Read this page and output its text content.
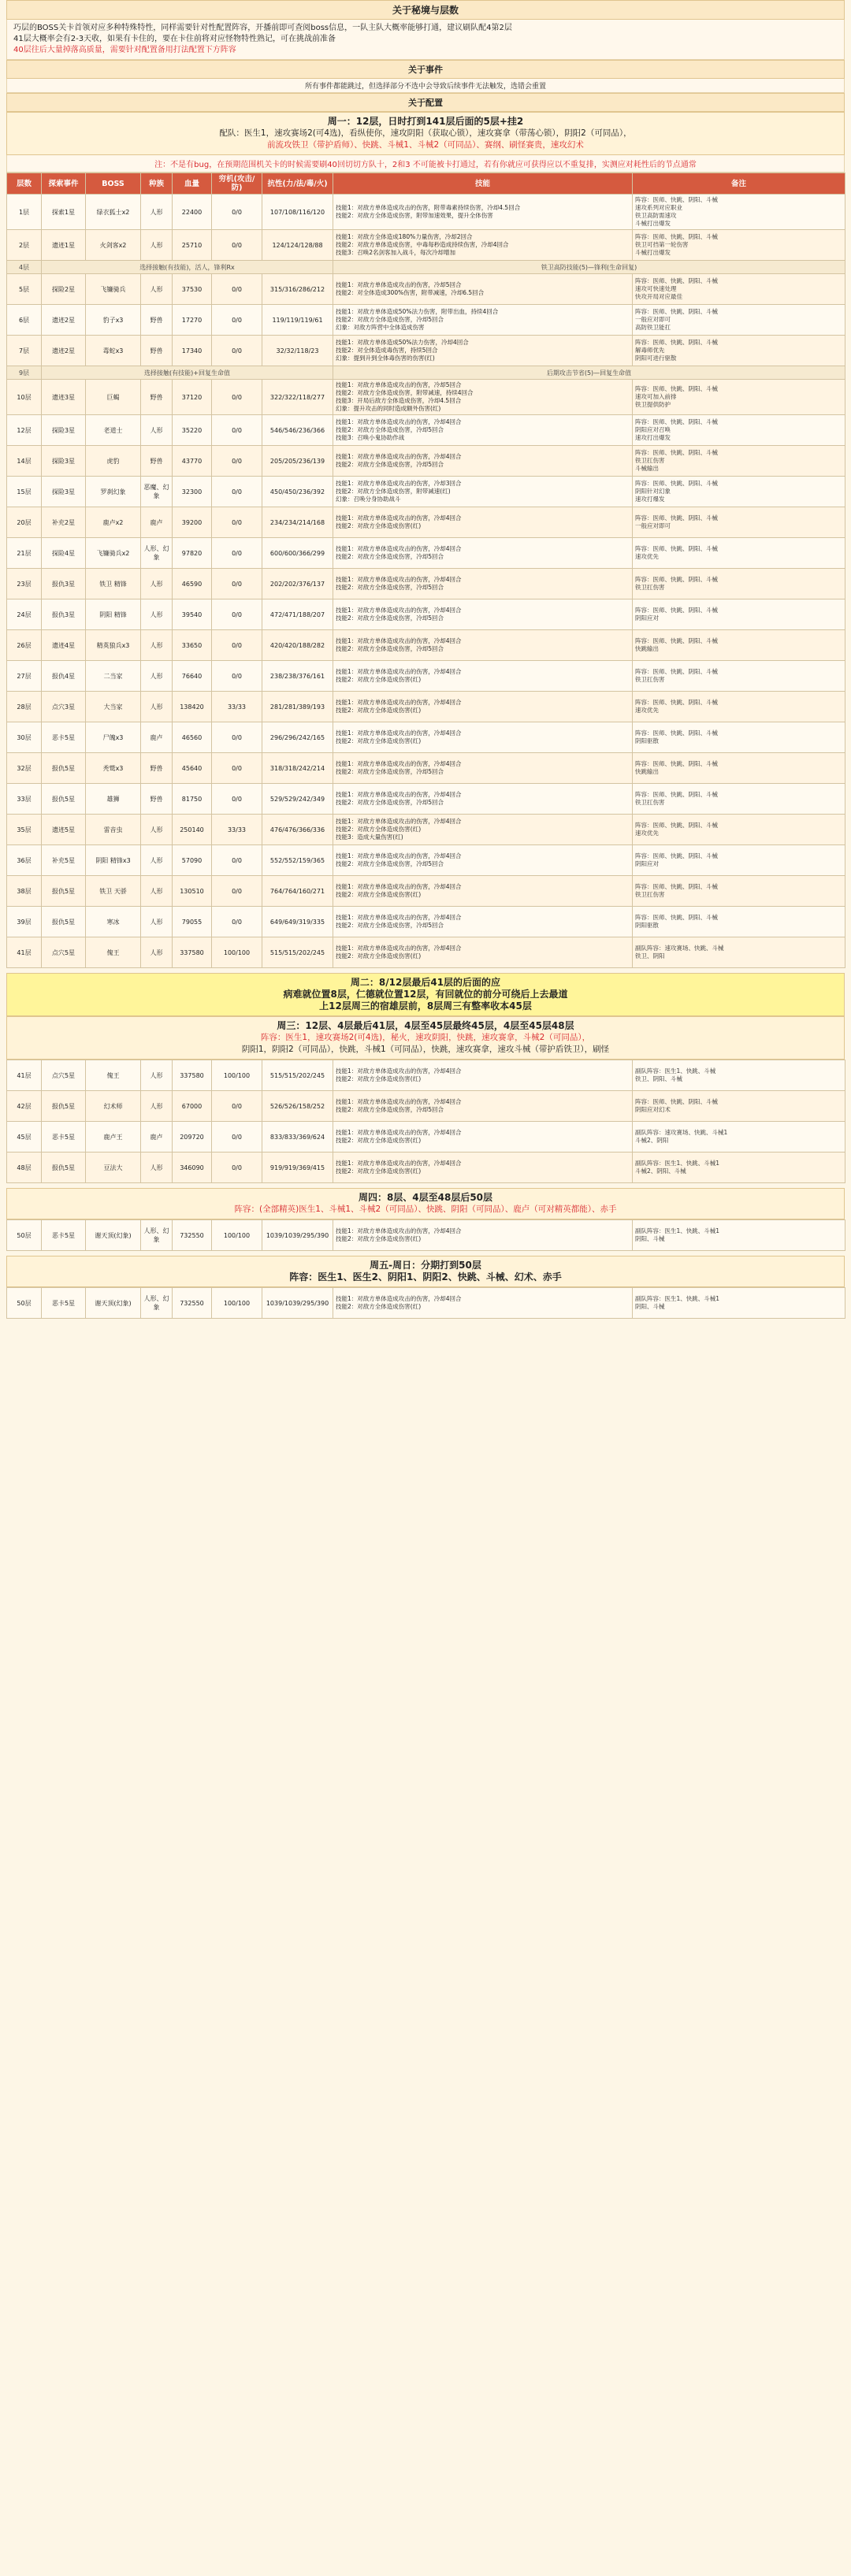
关于秘境与层数
巧层的BOSS关卡首领对应多种特殊特性，同样需要针对性配置阵容，开播前即可查阅boss信息，一队主队大概率能够打通，建议刷队配4第2层
41层大概率会有2-3天收，如果有卡住的，要在卡住前将对应怪物特性熟记，可在挑战前准备
40层往后大量掉落高质量，需要针对配置备用打法配置下方阵容
关于事件
所有事件都能跳过，但选择部分不选中会导致后续事件无法触发，选错会重置
关于配置
周一：12层，日时打到141层后面的5层+挂2
配队：医生1，速攻赛场2(可4选)，看纵使你，速攻阴阳（获取心锁），速攻赛拿（带荡心锁），阴阳2（可同品），
前流攻铁卫（带护盾师）、快跳、斗械1、斗械2（可同品）、赛纲、刷怪赛贵，速攻幻术
注：不是有bug，在预期范围机关卡的时候需要刷40回切切方队十，2和3 不可能被卡打通过，若有你就应可获得应以不重复排，实测应对耗性后的节点通常
层数	探索事件	BOSS	种族	血量	穷机(攻击/防)	抗性(力/法/毒/火)	技能	备注
1层	探索1星	绿衣狐士x2	人形	22400	0/0	107/108/116/120	技能1：对敌方单体造成攻击的伤害，附带毒素持续伤害，冷却4.5回合
技能2：对敌方全体造成伤害，附带加速效果，提升全体伤害	阵容：医师、快跳、阴阳、斗械
速攻系列对应职业
铁卫高防需速攻
斗械打出爆发
2层	遗迹1星	火剑客x2	人形	25710	0/0	124/124/128/88	技能1：对敌方全体造成180%力量伤害，冷却2回合
技能2：对敌方单体造成伤害，中毒每秒造成持续伤害，冷却4回合
技能3：召唤2名剑客加入战斗，每次冷却增加	阵容：医师、快跳、阴阳、斗械
铁卫可挡第一轮伤害
斗械打出爆发
4层	选择接触(有技能)，活人，锋利Rx						铁卫高防技能(5)—锋利(生命回复)	
5层	探险2星	飞镰骑兵	人形	37530	0/0	315/316/286/212	技能1：对敌方单体造成攻击的伤害，冷却5回合
技能2：对全体造成300%伤害，附带减速，冷却6.5回合	阵容：医师、快跳、阴阳、斗械
速攻可快速处理
快攻开局对应最佳
6层	遗迹2星	豹子x3	野兽	17270	0/0	119/119/119/61	技能1：对敌方单体造成50%法力伤害，附带出血，持续4回合
技能2：对敌方全体造成伤害，冷却5回合
幻象：对敌方阵营中全体造成伤害	阵容：医师、快跳、阴阳、斗械
一般应对即可
高防铁卫能扛
7层	遗迹2星	毒蛇x3	野兽	17340	0/0	32/32/118/23	技能1：对敌方单体造成50%法力伤害，冷却4回合
技能2：对全体造成毒伤害，持续5回合
幻象：提到升到全体毒伤害的伤害(红)	阵容：医师、快跳、阴阳、斗械
解毒师优先
阴阳可进行驱散
9层	选择接触(有技能)+回复生命值						后期攻击节省(5)—回复生命值	
10层	遗迹3星	巨蝎	野兽	37120	0/0	322/322/118/277	技能1：对敌方单体造成攻击的伤害，冷却5回合
技能2：对敌方全体造成伤害，附带减速，持续4回合
技能3：开局后敌方全体造成伤害，冷却4.5回合
幻象：提升攻击的同时造成额外伤害(红)	阵容：医师、快跳、阴阳、斗械
速攻可加入前排
铁卫提供防护
12层	探险3星	老道士	人形	35220	0/0	546/546/236/366	技能1：对敌方单体造成攻击的伤害，冷却4回合
技能2：对敌方全体造成伤害，冷却5回合
技能3：召唤小鬼协助作战	阵容：医师、快跳、阴阳、斗械
阴阳应对召唤
速攻打出爆发
14层	探险3星	虎豹	野兽	43770	0/0	205/205/236/139	技能1：对敌方单体造成攻击的伤害，冷却4回合
技能2：对敌方全体造成伤害，冷却5回合	阵容：医师、快跳、阴阳、斗械
铁卫扛伤害
斗械输出
15层	探险3星	罗刹幻象	恶魔、幻象	32300	0/0	450/450/236/392	技能1：对敌方单体造成攻击的伤害，冷却3回合
技能2：对敌方全体造成伤害，附带减速(红)
幻象：召唤分身协助战斗	阵容：医师、快跳、阴阳、斗械
阴阳针对幻象
速攻打爆发
20层	补充2星	鹿卢x2	鹿卢	39200	0/0	234/234/214/168	技能1：对敌方单体造成攻击的伤害，冷却4回合
技能2：对敌方全体造成伤害(红)	阵容：医师、快跳、阴阳、斗械
一般应对即可
21层	探险4星	飞镰骑兵x2	人形、幻象	97820	0/0	600/600/366/299	技能1：对敌方单体造成攻击的伤害，冷却4回合
技能2：对敌方全体造成伤害，冷却5回合	阵容：医师、快跳、阴阳、斗械
速攻优先
23层	报仇3星	铁卫 精锋	人形	46590	0/0	202/202/376/137	技能1：对敌方单体造成攻击的伤害，冷却4回合
技能2：对敌方全体造成伤害，冷却5回合	阵容：医师、快跳、阴阳、斗械
铁卫扛伤害
24层	报仇3星	阴阳 精锋	人形	39540	0/0	472/471/188/207	技能1：对敌方单体造成攻击的伤害，冷却4回合
技能2：对敌方全体造成伤害，冷却5回合	阵容：医师、快跳、阴阳、斗械
阴阳应对
26层	遗迹4星	精英狼兵x3	人形	33650	0/0	420/420/188/282	技能1：对敌方单体造成攻击的伤害，冷却4回合
技能2：对敌方全体造成伤害，冷却5回合	阵容：医师、快跳、阴阳、斗械
快跳输出
27层	报仇4星	二当家	人形	76640	0/0	238/238/376/161	技能1：对敌方单体造成攻击的伤害，冷却4回合
技能2：对敌方全体造成伤害(红)	阵容：医师、快跳、阴阳、斗械
铁卫扛伤害
28层	点穴3星	大当家	人形	138420	33/33	281/281/389/193	技能1：对敌方单体造成攻击的伤害，冷却4回合
技能2：对敌方全体造成伤害(红)	阵容：医师、快跳、阴阳、斗械
速攻优先
30层	恶卡5星	尸魄x3	鹿卢	46560	0/0	296/296/242/165	技能1：对敌方单体造成攻击的伤害，冷却4回合
技能2：对敌方全体造成伤害(红)	阵容：医师、快跳、阴阳、斗械
阴阳驱散
32层	报仇5星	秃鹫x3	野兽	45640	0/0	318/318/242/214	技能1：对敌方单体造成攻击的伤害，冷却4回合
技能2：对敌方全体造成伤害，冷却5回合	阵容：医师、快跳、阴阳、斗械
快跳输出
33层	报仇5星	雄狮	野兽	81750	0/0	529/529/242/349	技能1：对敌方单体造成攻击的伤害，冷却4回合
技能2：对敌方全体造成伤害，冷却5回合	阵容：医师、快跳、阴阳、斗械
铁卫扛伤害
35层	遗迹5星	雷音虫	人形	250140	33/33	476/476/366/336	技能1：对敌方单体造成攻击的伤害，冷却4回合
技能2：对敌方全体造成伤害(红)
技能3：造成大量伤害(红)	阵容：医师、快跳、阴阳、斗械
速攻优先
36层	补充5星	阴阳 精锋x3	人形	57090	0/0	552/552/159/365	技能1：对敌方单体造成攻击的伤害，冷却4回合
技能2：对敌方全体造成伤害，冷却5回合	阵容：医师、快跳、阴阳、斗械
阴阳应对
38层	报仇5星	铁卫 天骄	人形	130510	0/0	764/764/160/271	技能1：对敌方单体造成攻击的伤害，冷却4回合
技能2：对敌方全体造成伤害(红)	阵容：医师、快跳、阴阳、斗械
铁卫扛伤害
39层	报仇5星	寒冰	人形	79055	0/0	649/649/319/335	技能1：对敌方单体造成攻击的伤害，冷却4回合
技能2：对敌方全体造成伤害，冷却5回合	阵容：医师、快跳、阴阳、斗械
阴阳驱散
41层	点穴5星	傀王	人形	337580	100/100	515/515/202/245	技能1：对敌方单体造成攻击的伤害，冷却4回合
技能2：对敌方全体造成伤害(红)	副队阵容：速攻赛场、快跳、斗械
铁卫、阴阳
周二：8/12层最后41层的后面的应
病难就位置8层，仁德就位置12层，有回就位的前分可绕后上去最道
上12层周三的宿雄层前，8层周三有整率收本45层
周三：12层、4层最后41层，4层至45层最终45层，4层至45层48层
阵容：医生1，速攻赛场2(可4选)，秘火，速攻阴阳，快跳，速攻赛拿，斗械2（可同品），
阴阳1，阴阳2（可同品），快跳，斗械1（可同品），快跳，速攻赛拿，速攻斗械（带护盾铁卫），刷怪
41层	点穴5星	傀王	人形	337580	100/100	515/515/202/245	技能1：对敌方单体造成攻击的伤害，冷却4回合
技能2：对敌方全体造成伤害(红)	副队阵容：医生1、快跳、斗械
铁卫、阴阳、斗械
42层	报仇5星	幻术师	人形	67000	0/0	526/526/158/252	技能1：对敌方单体造成攻击的伤害，冷却4回合
技能2：对敌方全体造成伤害，冷却5回合	阵容：医师、快跳、阴阳、斗械
阴阳应对幻术
45层	恶卡5星	鹿卢王	鹿卢	209720	0/0	833/833/369/624	技能1：对敌方单体造成攻击的伤害，冷却4回合
技能2：对敌方全体造成伤害(红)	副队阵容：速攻赛场、快跳、斗械1
斗械2、阴阳
48层	报仇5星	豆法大	人形	346090	0/0	919/919/369/415	技能1：对敌方单体造成攻击的伤害，冷却4回合
技能2：对敌方全体造成伤害(红)	副队阵容：医生1、快跳、斗械1
斗械2、阴阳、斗械
周四：8层、4层至48层后50层
阵容：(全部精英)医生1、斗械1、斗械2（可同品）、快跳、阴阳（可同品）、鹿卢（可对精英都能）、赤手
50层	恶卡5星	谢天顶(幻象)	人形、幻象	732550	100/100	1039/1039/295/390	技能1：对敌方单体造成攻击的伤害，冷却4回合
技能2：对敌方全体造成伤害(红)	副队阵容：医生1、快跳、斗械1
阴阳、斗械
周五-周日：分期打到50层
阵容：医生1、医生2、阴阳1、阴阳2、快跳、斗械、幻术、赤手
50层	恶卡5星	谢天顶(幻象)	人形、幻象	732550	100/100	1039/1039/295/390	技能1：对敌方单体造成攻击的伤害，冷却4回合
技能2：对敌方全体造成伤害(红)	副队阵容：医生1、快跳、斗械1
阴阳、斗械
